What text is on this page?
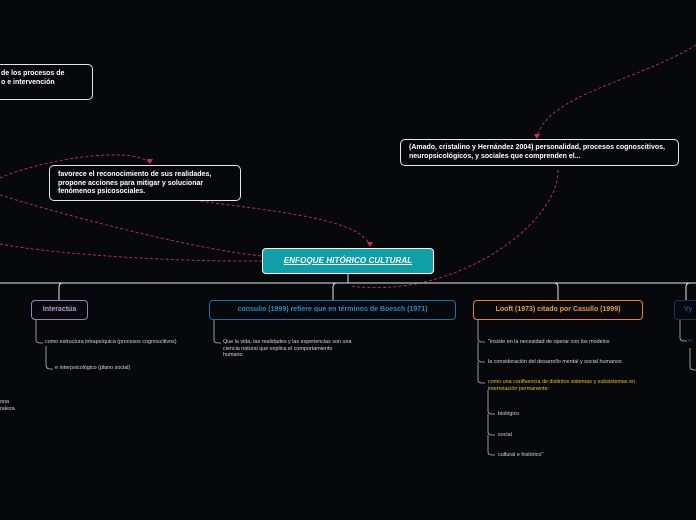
de los procesos de
o e intervención
favorece el reconocimiento de sus realidades, propone acciones para mitigar y solucionar fenómenos psicosociales.
(Amado, cristalino y Hernández 2004) personalidad, procesos cognoscitivos, neuropsicológicos, y sociales que comprenden el...
ENFOQUE HITÓRICO CULTURAL
Interactúa	consulio (1999) refiere que en términos de Boesch (1971)	Looft (1973) citado por Casullo (1999)	Vy
como estructura intrapsíquica (procesos cognoscitivos)
e interpsicológico (plano social)
Que la vida, las realidades y las experiencias son una ciencia natural que explica el comportamiento humano.
"insiste en la necesidad de operar con los modelos
la consideración del desarrollo mental y social humanos
como una confluencia de distintos sistemas y subsistemas en interrelación permanente:
biológico
social
cultural e histórico"
re
ona
raleza
